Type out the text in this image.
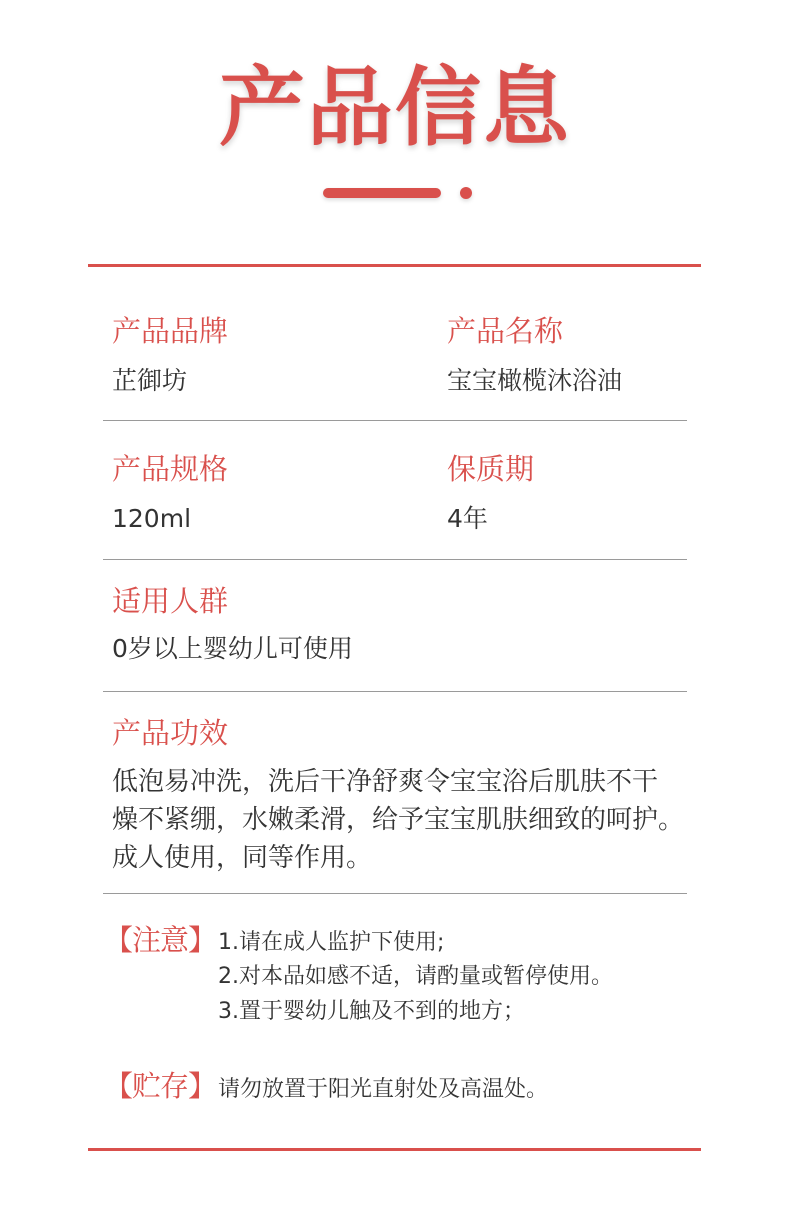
产品信息
产品品牌
芷御坊
产品名称
宝宝橄榄沐浴油
产品规格
120ml
保质期
4年
适用人群
0岁以上婴幼儿可使用
产品功效
低泡易冲洗，洗后干净舒爽令宝宝浴后肌肤不干
燥不紧绷，水嫩柔滑，给予宝宝肌肤细致的呵护。
成人使用，同等作用。
【注意】 1.请在成人监护下使用;
2.对本品如感不适，请酌量或暂停使用。
3.置于婴幼儿触及不到的地方；
【贮存】 请勿放置于阳光直射处及高温处。
